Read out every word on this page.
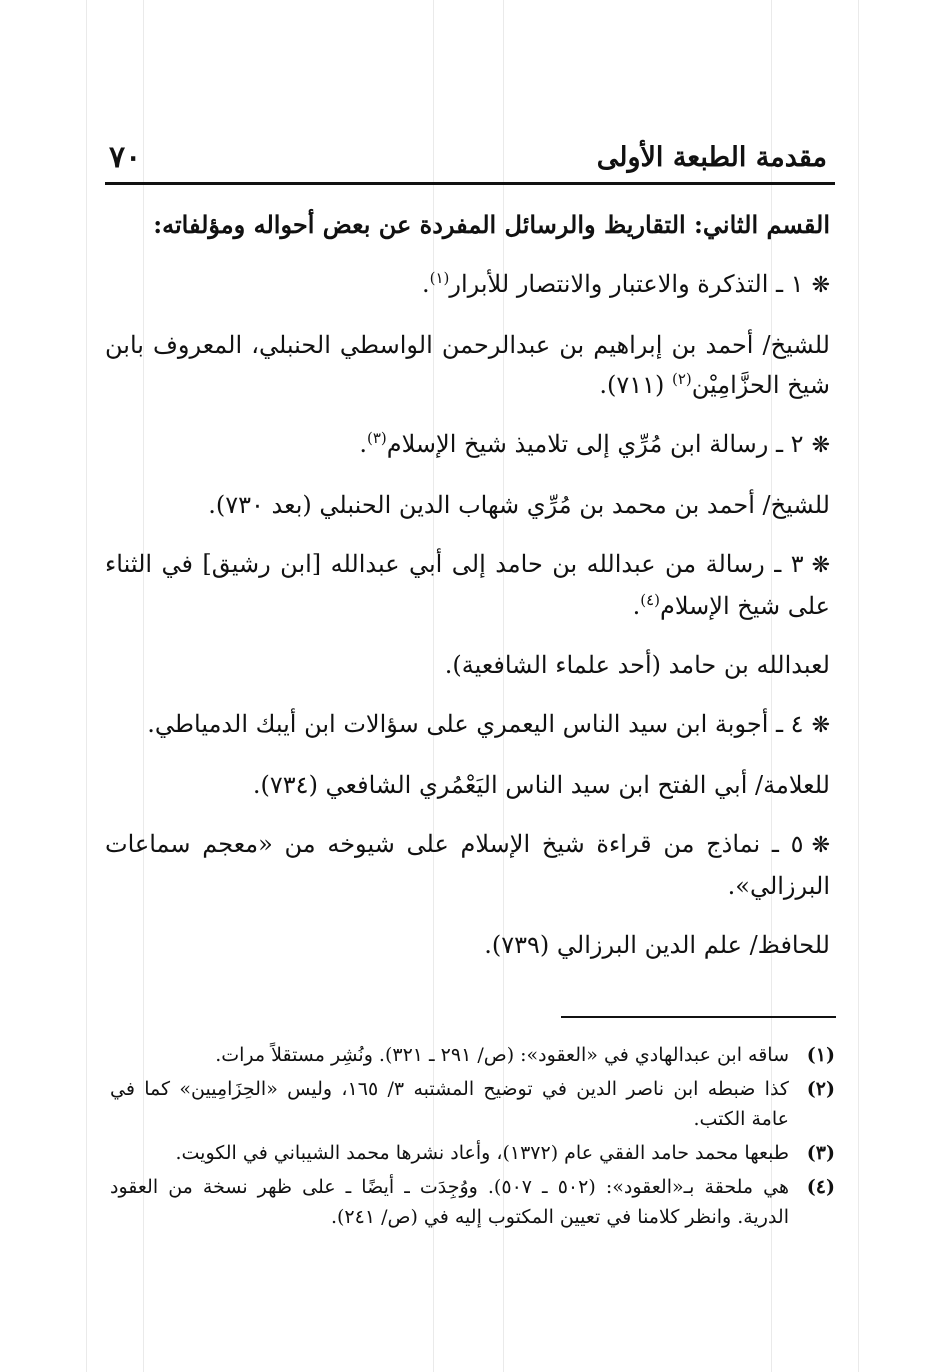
٧٠	مقدمة الطبعة الأولى

القسم الثاني: التقاريظ والرسائل المفردة عن بعض أحواله ومؤلفاته:

❋١ ـ التذكرة والاعتبار والانتصار للأبرار$^{(١)}$.

للشيخ/ أحمد بن إبراهيم بن عبدالرحمن الواسطي الحنبلي، المعروف بابن شيخ الحزَّامِيْن$^{(٢)}$ (٧١١).

❋٢ ـ رسالة ابن مُرِّي إلى تلاميذ شيخ الإسلام$^{(٣)}$.

للشيخ/ أحمد بن محمد بن مُرِّي شهاب الدين الحنبلي (بعد ٧٣٠).

❋٣ ـ رسالة من عبدالله بن حامد إلى أبي عبدالله [ابن رشيق] في الثناء على شيخ الإسلام$^{(٤)}$.

لعبدالله بن حامد (أحد علماء الشافعية).

❋٤ ـ أجوبة ابن سيد الناس اليعمري على سؤالات ابن أيبك الدمياطي.

للعلامة/ أبي الفتح ابن سيد الناس اليَعْمُري الشافعي (٧٣٤).

❋٥ ـ نماذج من قراءة شيخ الإسلام على شيوخه من «معجم سماعات البرزالي».

للحافظ/ علم الدين البرزالي (٧٣٩).

(١)
ساقه ابن عبدالهادي في «العقود»: (ص/ ٢٩١ ـ ٣٢١). ونُشِر مستقلاً مرات.
(٢)
كذا ضبطه ابن ناصر الدين في توضيح المشتبه ٣/ ١٦٥، وليس «الحِزَامِيين» كما في عامة الكتب.
(٣)
طبعها محمد حامد الفقي عام (١٣٧٢)، وأعاد نشرها محمد الشيباني في الكويت.
(٤)
هي ملحقة بـ«العقود»: (٥٠٢ ـ ٥٠٧). ووُجِدَت ـ أيضًا ـ على ظهر نسخة من العقود الدرية. وانظر كلامنا في تعيين المكتوب إليه في (ص/ ٢٤١).
